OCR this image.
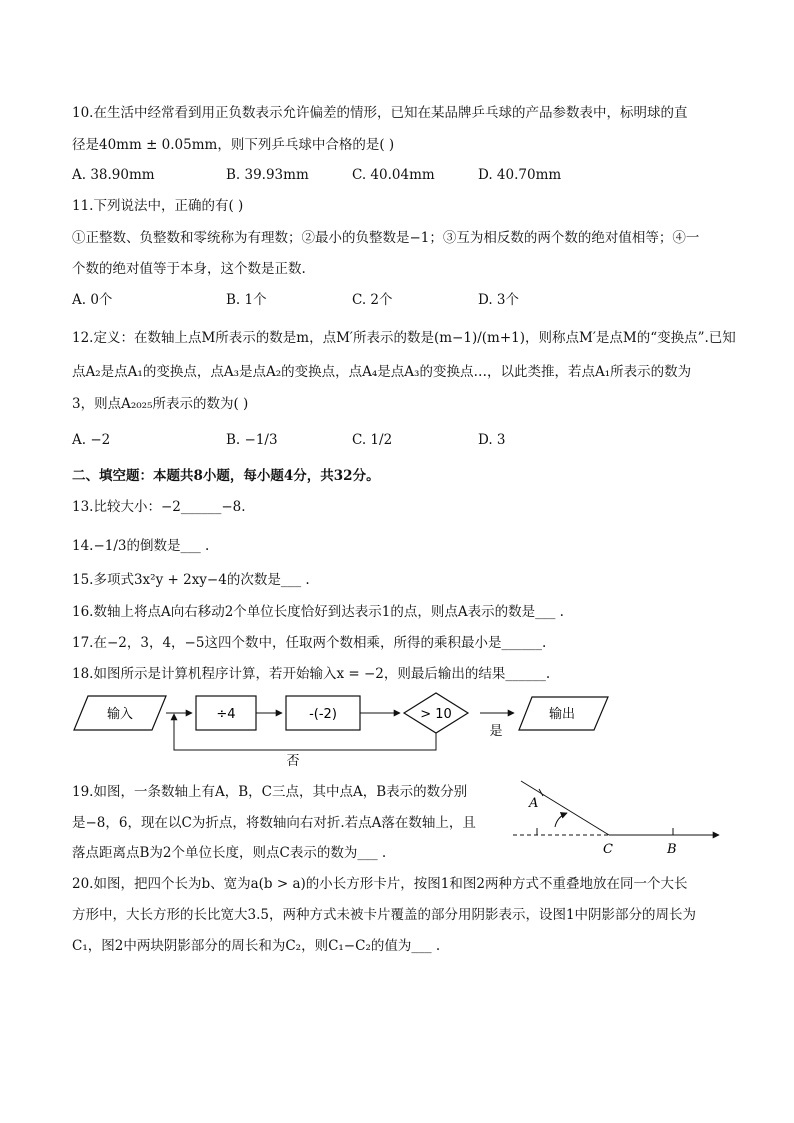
10.在生活中经常看到用正负数表示允许偏差的情形，已知在某品牌乒乓球的产品参数表中，标明球的直
径是40mm ± 0.05mm，则下列乒乓球中合格的是( )
A. 38.90mm	B. 39.93mm	C. 40.04mm	D. 40.70mm
11.下列说法中，正确的有( )
①正整数、负整数和零统称为有理数；②最小的负整数是−1；③互为相反数的两个数的绝对值相等；④一
个数的绝对值等于本身，这个数是正数.
A. 0个	B. 1个	C. 2个	D. 3个
12.定义：在数轴上点M所表示的数是m，点M′所表示的数是(m−1)/(m+1)，则称点M′是点M的“变换点”.已知
点A₂是点A₁的变换点，点A₃是点A₂的变换点，点A₄是点A₃的变换点…，以此类推，若点A₁所表示的数为
3，则点A₂₀₂₅所表示的数为( )
A. −2	B. −1/3	C. 1/2	D. 3
二、填空题：本题共8小题，每小题4分，共32分。
13.比较大小：−2______−8.
14.−1/3的倒数是___ .
15.多项式3x²y + 2xy−4的次数是___ .
16.数轴上将点A向右移动2个单位长度恰好到达表示1的点，则点A表示的数是___ .
17.在−2，3，4，−5这四个数中，任取两个数相乘，所得的乘积最小是______.
18.如图所示是计算机程序计算，若开始输入x = −2，则最后输出的结果______.
输入	÷4	-(-2)	> 10
是
否
输出
19.如图，一条数轴上有A，B，C三点，其中点A，B表示的数分别
是−8，6，现在以C为折点，将数轴向右对折.若点A落在数轴上，且
落点距离点B为2个单位长度，则点C表示的数为___ .
A
C	B
20.如图，把四个长为b、宽为a(b > a)的小长方形卡片，按图1和图2两种方式不重叠地放在同一个大长
方形中，大长方形的长比宽大3.5，两种方式未被卡片覆盖的部分用阴影表示，设图1中阴影部分的周长为
C₁，图2中两块阴影部分的周长和为C₂，则C₁−C₂的值为___ .
